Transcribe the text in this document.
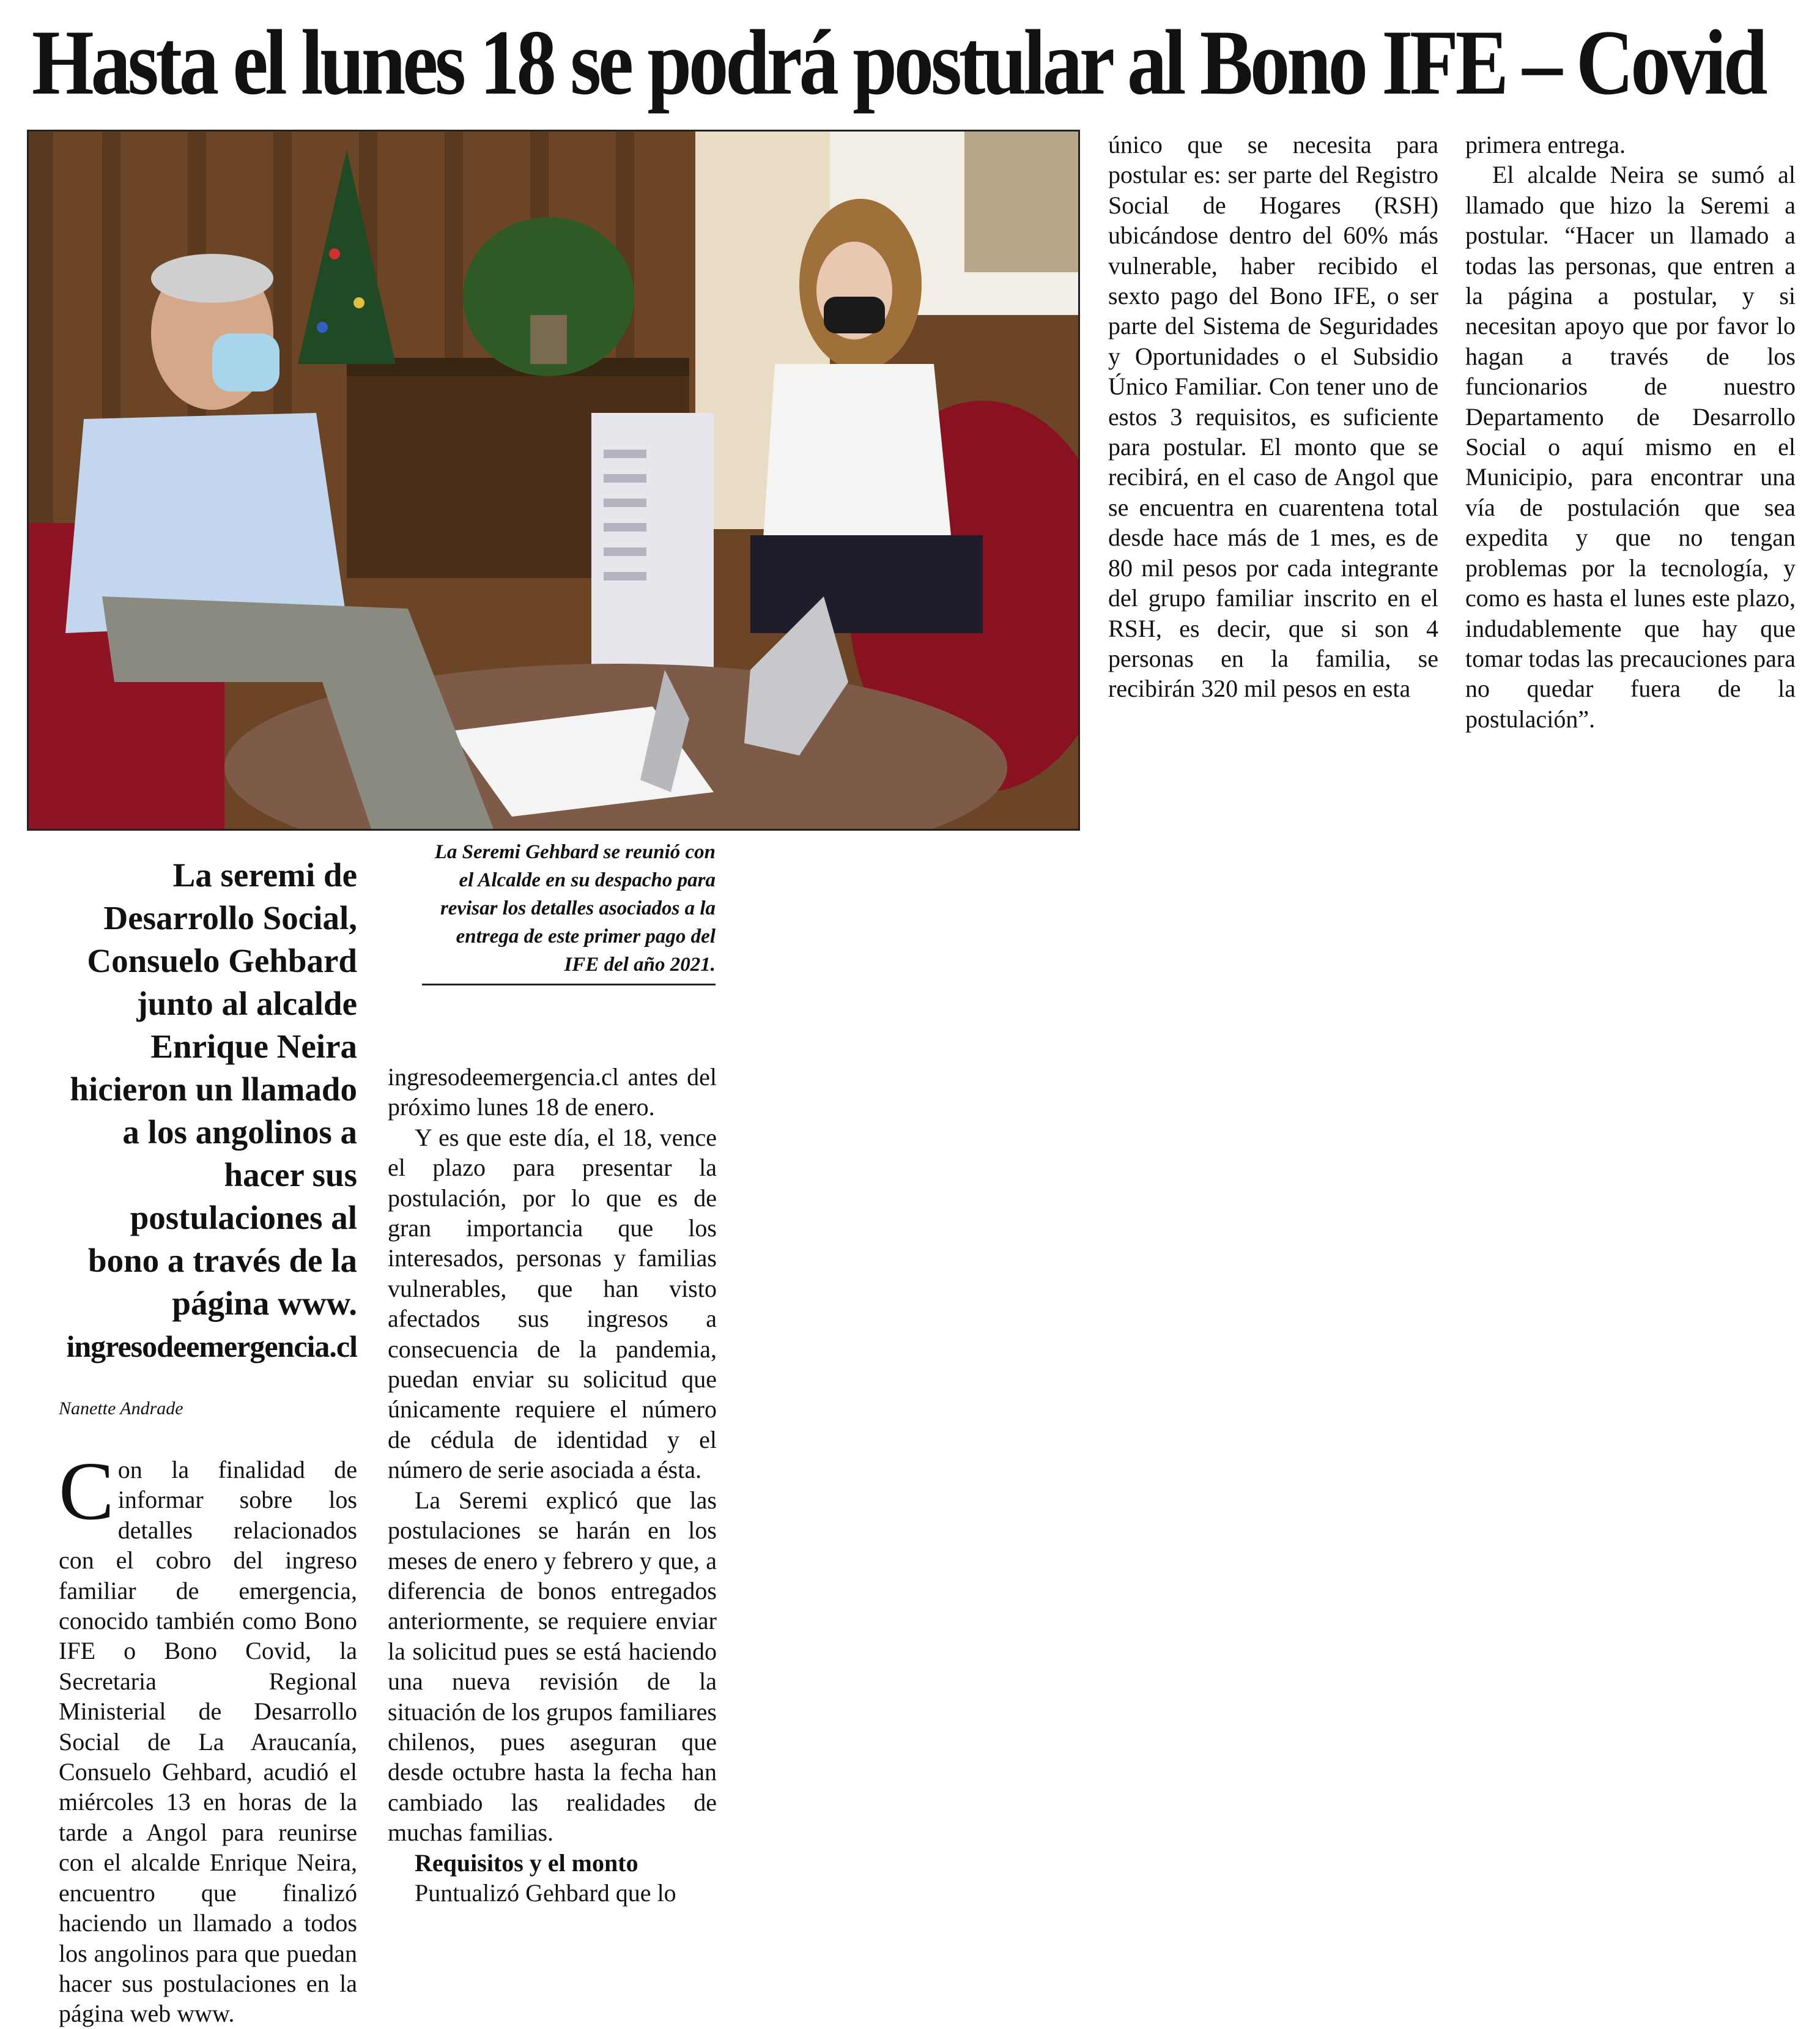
Hasta el lunes 18 se podrá postular al Bono IFE – Covid
La seremi de Desarrollo Social, Consuelo Gehbard junto al alcalde Enrique Neira hicieron un llamado a los angolinos a hacer sus postulaciones al bono a través de la página www.
ingresodeemergencia.cl
La Seremi Gehbard se reunió con el Alcalde en su despacho para revisar los detalles asociados a la entrega de este primer pago del IFE del año 2021.
Nanette Andrade

Con la finalidad de informar sobre los detalles relacionados con el cobro del ingreso familiar de emergencia, conocido también como Bono IFE o Bono Covid, la Secretaria Regional Ministerial de Desarrollo Social de La Araucanía, Consuelo Gehbard, acudió el miércoles 13 en horas de la tarde a Angol para reunirse con el alcalde Enrique Neira, encuentro que finalizó haciendo un llamado a todos los angolinos para que puedan hacer sus postulaciones en la página web www.

ingresodeemergencia.cl antes del próximo lunes 18 de enero.

Y es que este día, el 18, vence el plazo para presentar la postulación, por lo que es de gran importancia que los interesados, personas y familias vulnerables, que han visto afectados sus ingresos a consecuencia de la pandemia, puedan enviar su solicitud que únicamente requiere el número de cédula de identidad y el número de serie asociada a ésta.

La Seremi explicó que las postulaciones se harán en los meses de enero y febrero y que, a diferencia de bonos entregados anteriormente, se requiere enviar la solicitud pues se está haciendo una nueva revisión de la situación de los grupos familiares chilenos, pues aseguran que desde octubre hasta la fecha han cambiado las realidades de muchas familias.

Requisitos y el monto

Puntualizó Gehbard que lo

único que se necesita para postular es: ser parte del Registro Social de Hogares (RSH) ubicándose dentro del 60% más vulnerable, haber recibido el sexto pago del Bono IFE, o ser parte del Sistema de Seguridades y Oportunidades o el Subsidio Único Familiar. Con tener uno de estos 3 requisitos, es suficiente para postular. El monto que se recibirá, en el caso de Angol que se encuentra en cuarentena total desde hace más de 1 mes, es de 80 mil pesos por cada integrante del grupo familiar inscrito en el RSH, es decir, que si son 4 personas en la familia, se recibirán 320 mil pesos en esta

primera entrega.

El alcalde Neira se sumó al llamado que hizo la Seremi a postular. “Hacer un llamado a todas las personas, que entren a la página a postular, y si necesitan apoyo que por favor lo hagan a través de los funcionarios de nuestro Departamento de Desarrollo Social o aquí mismo en el Municipio, para encontrar una vía de postulación que sea expedita y que no tengan problemas por la tecnología, y como es hasta el lunes este plazo, indudablemente que hay que tomar todas las precauciones para no quedar fuera de la postulación”.
